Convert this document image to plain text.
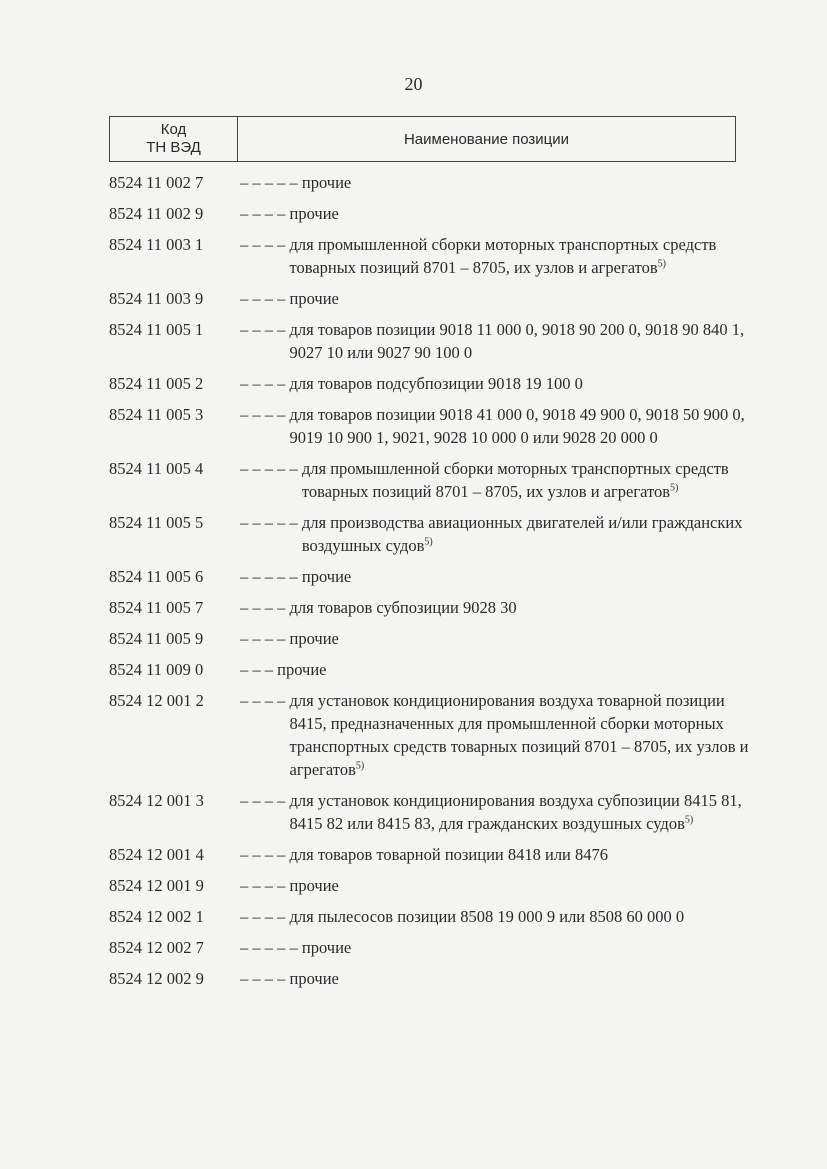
20
Код
ТН ВЭД	Наименование позиции
8524 11 002 7	– – – – – прочие
8524 11 002 9	– – – – прочие
8524 11 003 1	– – – – для промышленной сборки моторных транспортных средств товарных позиций 8701 – 8705, их узлов и агрегатов$^{5)}$
8524 11 003 9	– – – – прочие
8524 11 005 1	– – – – для товаров позиции 9018 11 000 0, 9018 90 200 0, 9018 90 840 1, 9027 10 или 9027 90 100 0
8524 11 005 2	– – – – для товаров подсубпозиции 9018 19 100 0
8524 11 005 3	– – – – для товаров позиции 9018 41 000 0, 9018 49 900 0, 9018 50 900 0, 9019 10 900 1, 9021, 9028 10 000 0 или 9028 20 000 0
8524 11 005 4	– – – – – для промышленной сборки моторных транспортных средств товарных позиций 8701 – 8705, их узлов и агрегатов$^{5)}$
8524 11 005 5	– – – – – для производства авиационных двигателей и/или гражданских воздушных судов$^{5)}$
8524 11 005 6	– – – – – прочие
8524 11 005 7	– – – – для товаров субпозиции 9028 30
8524 11 005 9	– – – – прочие
8524 11 009 0	– – – прочие
8524 12 001 2	– – – – для установок кондиционирования воздуха товарной позиции 8415, предназначенных для промышленной сборки моторных транспортных средств товарных позиций 8701 – 8705, их узлов и агрегатов$^{5)}$
8524 12 001 3	– – – – для установок кондиционирования воздуха субпозиции 8415 81, 8415 82 или 8415 83, для гражданских воздушных судов$^{5)}$
8524 12 001 4	– – – – для товаров товарной позиции 8418 или 8476
8524 12 001 9	– – – – прочие
8524 12 002 1	– – – – для пылесосов позиции 8508 19 000 9 или 8508 60 000 0
8524 12 002 7	– – – – – прочие
8524 12 002 9	– – – – прочие
